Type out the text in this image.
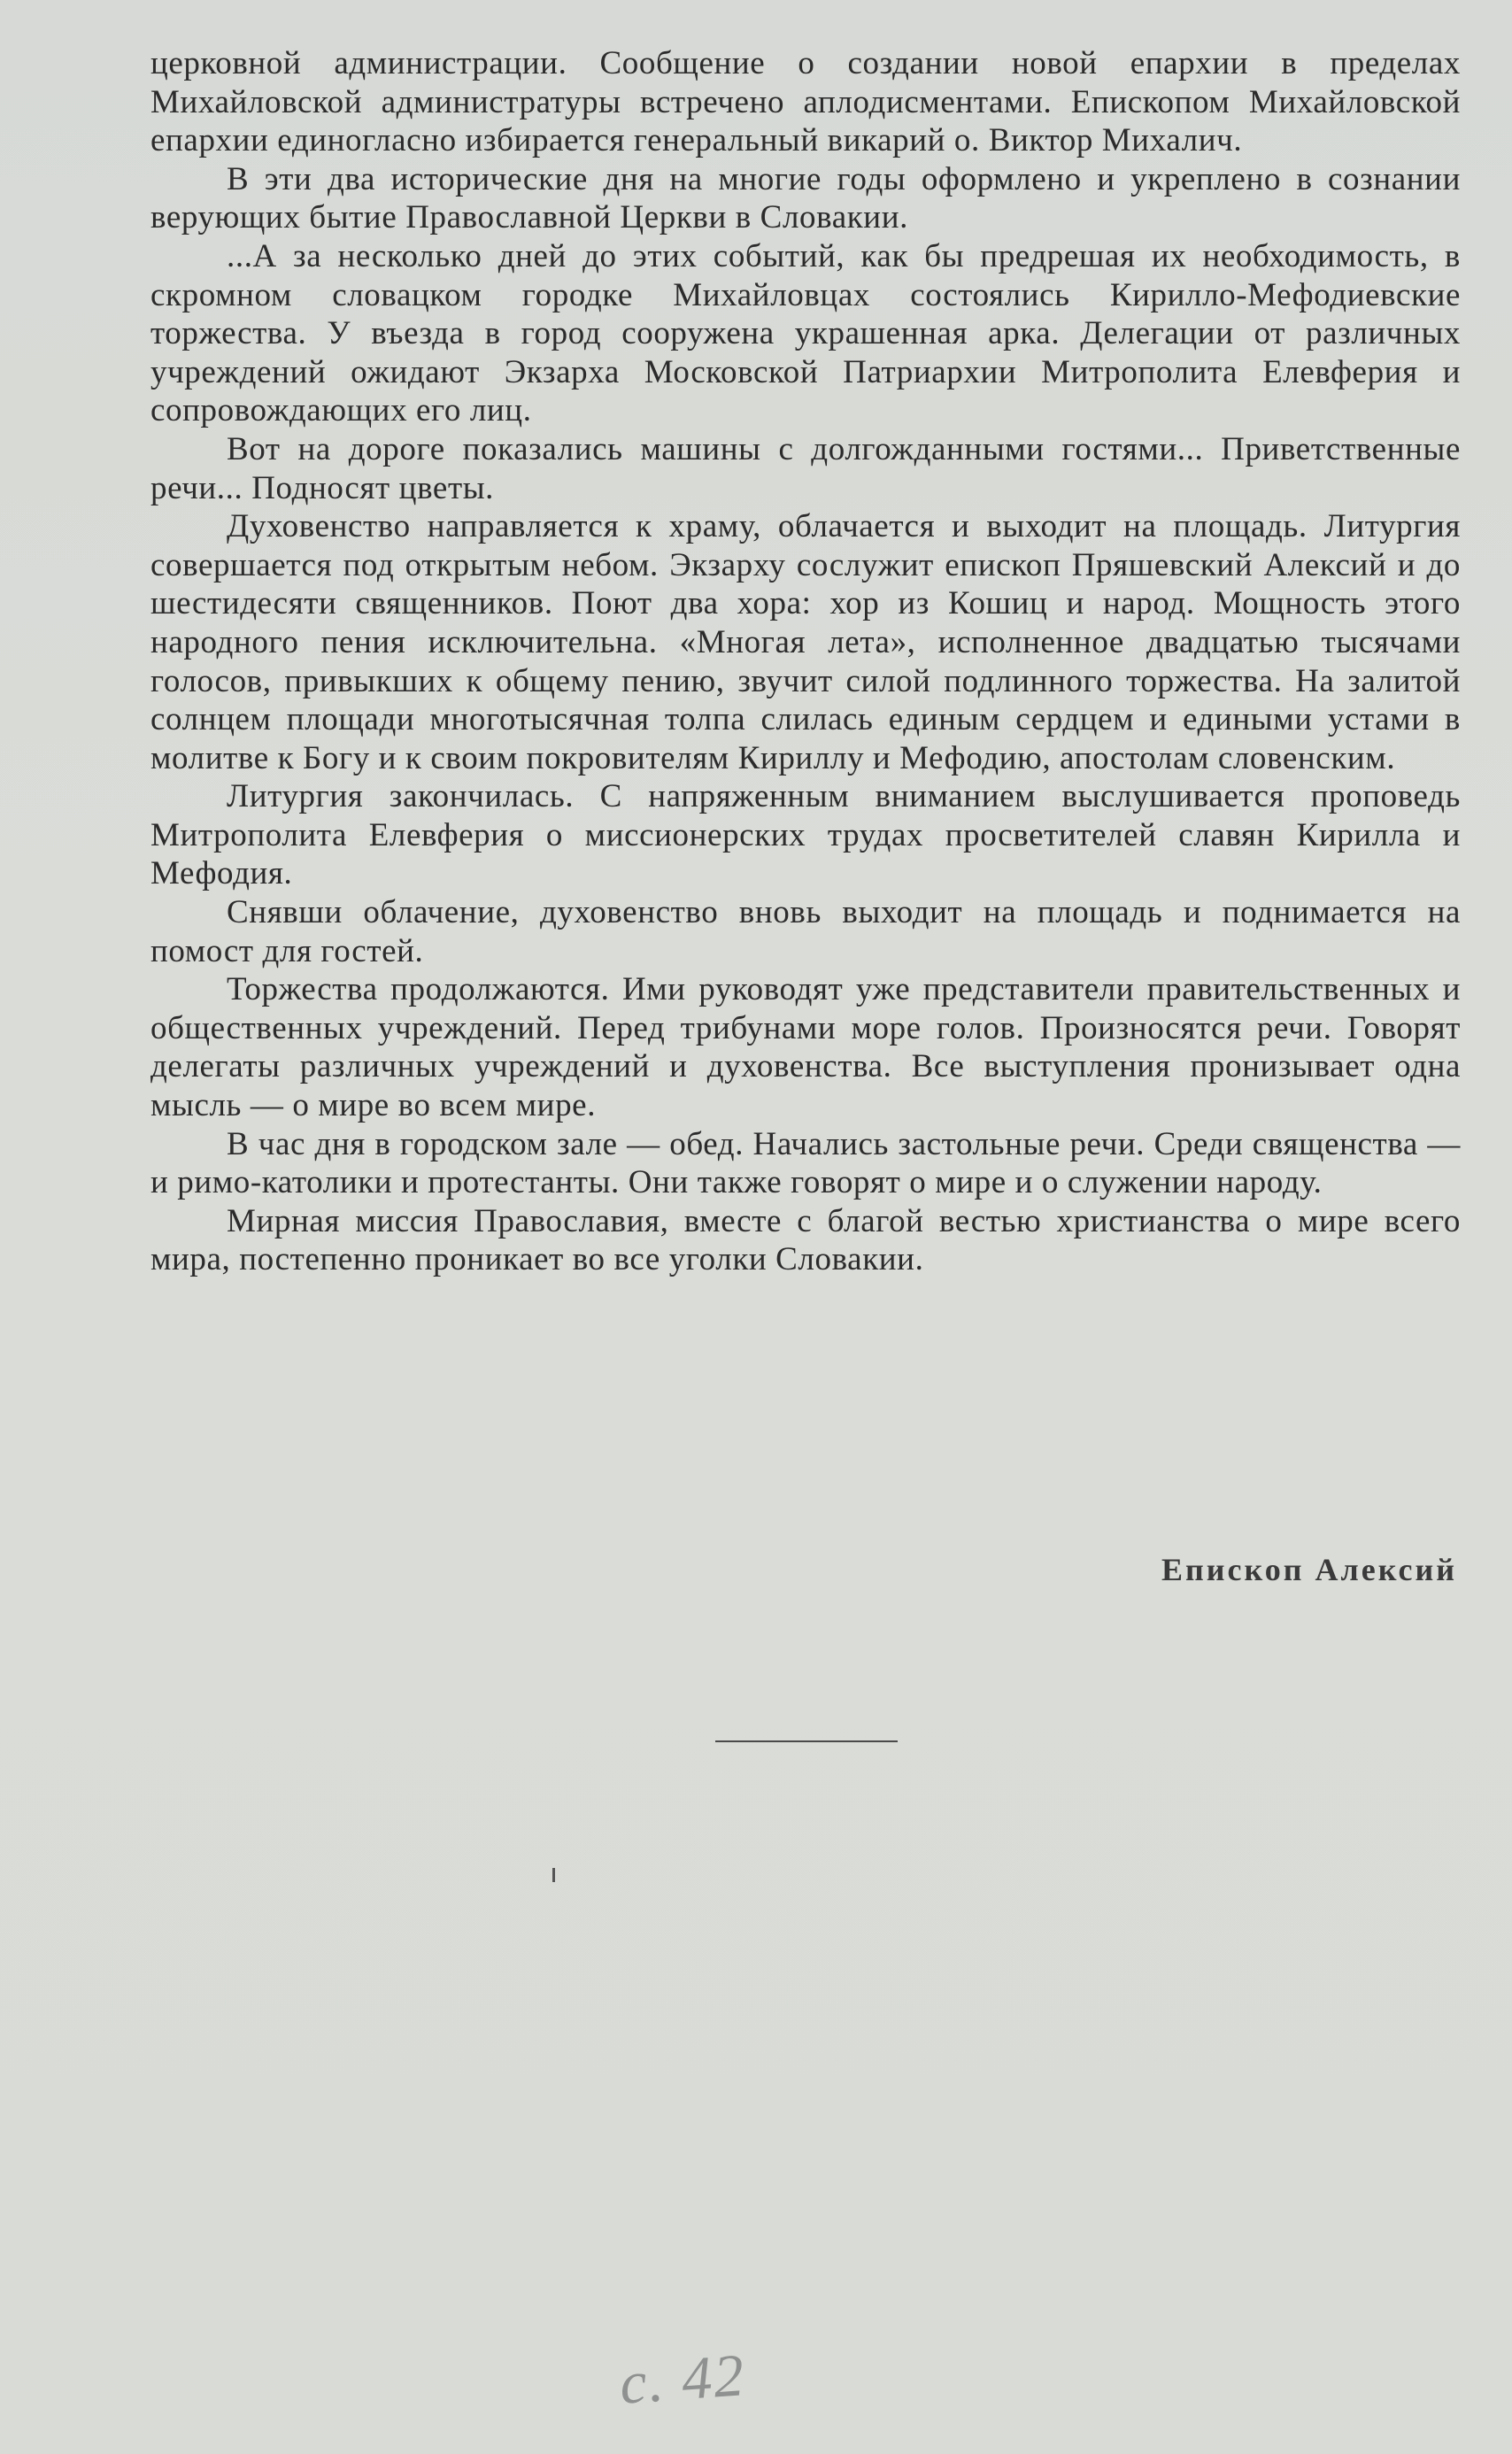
церковной администрации. Сообщение о создании новой епархии в пределах Михайловской администратуры встречено аплодисментами. Епископом Михайловской епархии единогласно избирается генеральный викарий о. Виктор Михалич.

В эти два исторические дня на многие годы оформлено и укреплено в сознании верующих бытие Православной Церкви в Словакии.

...А за несколько дней до этих событий, как бы предрешая их необходимость, в скромном словацком городке Михайловцах состоялись Кирилло-Мефодиевские торжества. У въезда в город сооружена украшенная арка. Делегации от различных учреждений ожидают Экзарха Московской Патриархии Митрополита Елевферия и сопровождающих его лиц.

Вот на дороге показались машины с долгожданными гостями... Приветственные речи... Подносят цветы.

Духовенство направляется к храму, облачается и выходит на площадь. Литургия совершается под открытым небом. Экзарху сослужит епископ Пряшевский Алексий и до шестидесяти священников. Поют два хора: хор из Кошиц и народ. Мощность этого народного пения исключительна. «Многая лета», исполненное двадцатью тысячами голосов, привыкших к общему пению, звучит силой подлинного торжества. На залитой солнцем площади многотысячная толпа слилась единым сердцем и едиными устами в молитве к Богу и к своим покровителям Кириллу и Мефодию, апостолам словенским.

Литургия закончилась. С напряженным вниманием выслушивается проповедь Митрополита Елевферия о миссионерских трудах просветителей славян Кирилла и Мефодия.

Снявши облачение, духовенство вновь выходит на площадь и поднимается на помост для гостей.

Торжества продолжаются. Ими руководят уже представители правительственных и общественных учреждений. Перед трибунами море голов. Произносятся речи. Говорят делегаты различных учреждений и духовенства. Все выступления пронизывает одна мысль — о мире во всем мире.

В час дня в городском зале — обед. Начались застольные речи. Среди священства — и римо-католики и протестанты. Они также говорят о мире и о служении народу.

Мирная миссия Православия, вместе с благой вестью христианства о мире всего мира, постепенно проникает во все уголки Словакии.

Епископ Алексий
с. 42
